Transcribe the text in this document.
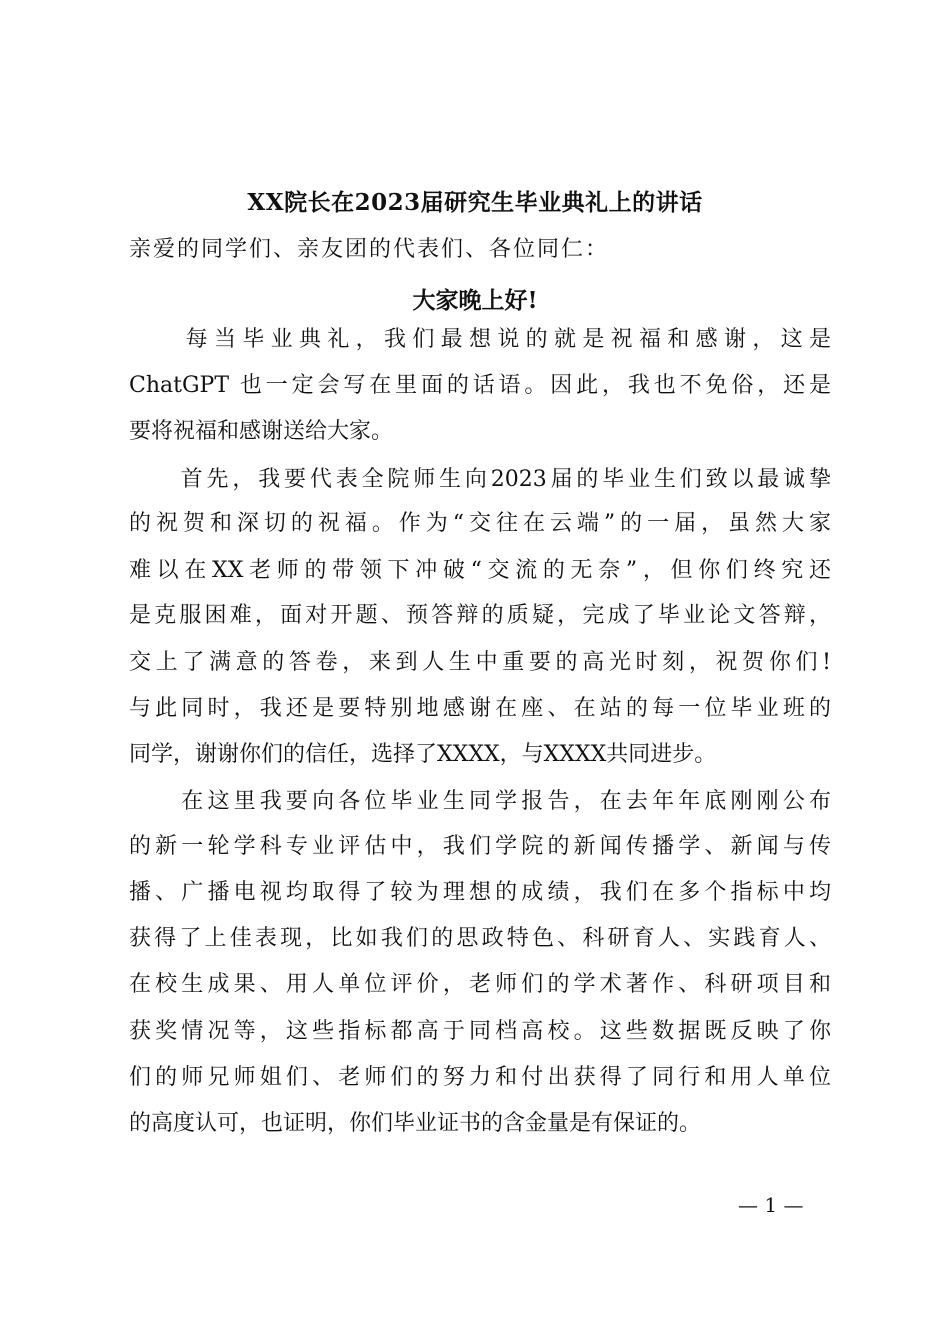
XX院长在2023届研究生毕业典礼上的讲话
亲爱的同学们、亲友团的代表们、各位同仁：
大家晚上好!
　　每当毕业典礼，我们最想说的就是祝福和感谢，这是
ChatGPT 也一定会写在里面的话语。因此，我也不免俗，还是
要将祝福和感谢送给大家。
　　首先，我要代表全院师生向2023届的毕业生们致以最诚挚
的祝贺和深切的祝福。作为“交往在云端”的一届，虽然大家
难以在XX老师的带领下冲破“交流的无奈”，但你们终究还
是克服困难，面对开题、预答辩的质疑，完成了毕业论文答辩，
交上了满意的答卷，来到人生中重要的高光时刻，祝贺你们!
与此同时，我还是要特别地感谢在座、在站的每一位毕业班的
同学，谢谢你们的信任，选择了XXXX，与XXXX共同进步。
　　在这里我要向各位毕业生同学报告，在去年年底刚刚公布
的新一轮学科专业评估中，我们学院的新闻传播学、新闻与传
播、广播电视均取得了较为理想的成绩，我们在多个指标中均
获得了上佳表现，比如我们的思政特色、科研育人、实践育人、
在校生成果、用人单位评价，老师们的学术著作、科研项目和
获奖情况等，这些指标都高于同档高校。这些数据既反映了你
们的师兄师姐们、老师们的努力和付出获得了同行和用人单位
的高度认可，也证明，你们毕业证书的含金量是有保证的。
— 1 —
